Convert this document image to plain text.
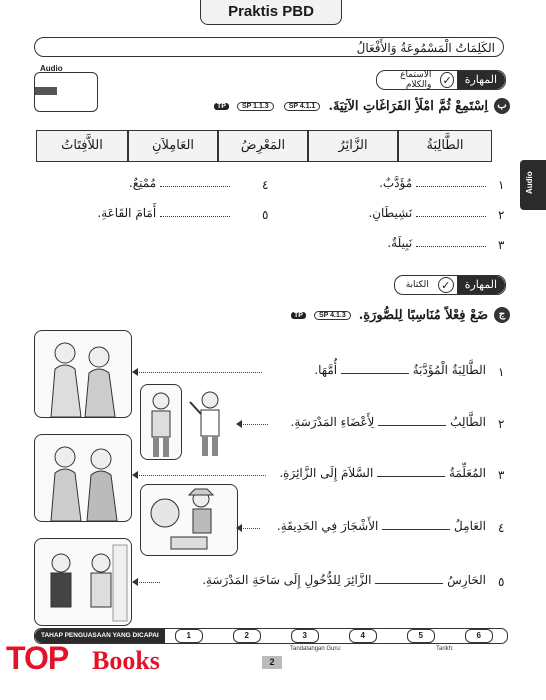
Praktis PBD
الكَلِمَاتُ الْمَسْمُوعَةُ وَالأَفْعَالُ
Audio
Audio
المهارة
✓
الاستماع والكلام
ب
اِسْتَمِعْ ثُمَّ امْلَأِ الفَرَاغَاتِ الآتِيَةَ.
SP 4.1.1
SP 1.1.3
TP
الطَّالِبَةُ
الزَّائِرُ
المَعْرِضُ
العَامِلاَنِ
اللاَّفِتَاتُ
١
مُؤَدَّبٌ.
٢
نَشِيطَانِ.
٣
نَبِيلَةٌ.
٤
مُمْتِعٌ.
٥
أَمَامَ القَاعَةِ.
المهارة
✓
الكتابة
ج
ضَعْ فِعْلاً مُنَاسِبًا لِلصُّورَةِ.
SP 4.1.3
TP
١
الطَّالِبَةُ الْمُؤَدَّبَةُ  أُمَّهَا.
٢
الطَّالِبُ  لِأَعْضَاءِ المَدْرَسَةِ.
٣
المُعَلِّمَةُ  السَّلاَمَ إِلَى الزَّائِرَةِ.
٤
العَامِلُ  الأَشْجَارَ فِي الحَدِيقَةِ.
٥
الحَارِسُ  الزَّائِرَ لِلدُّخُولِ إِلَى سَاحَةِ المَدْرَسَةِ.
TAHAP PENGUASAAN YANG DICAPAI	1	2	3	4	5	6
Tandatangan Guru:	Tarikh:
2
TOP Books
